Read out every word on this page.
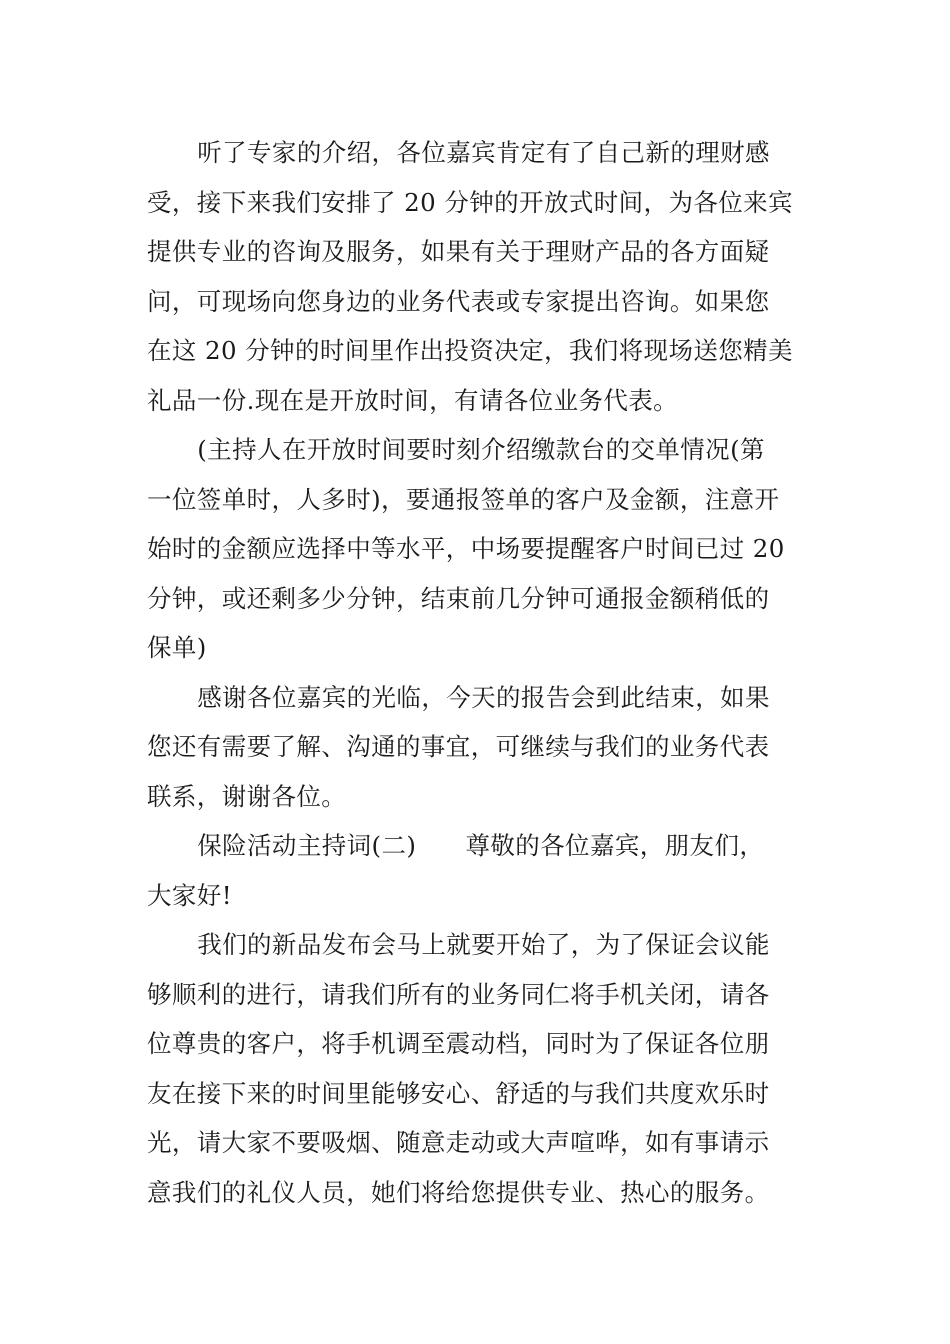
听了专家的介绍，各位嘉宾肯定有了自己新的理财感
受，接下来我们安排了 20 分钟的开放式时间，为各位来宾
提供专业的咨询及服务，如果有关于理财产品的各方面疑
问，可现场向您身边的业务代表或专家提出咨询。如果您
在这 20 分钟的时间里作出投资决定，我们将现场送您精美
礼品一份.现在是开放时间，有请各位业务代表。
(主持人在开放时间要时刻介绍缴款台的交单情况(第
一位签单时，人多时)，要通报签单的客户及金额，注意开
始时的金额应选择中等水平，中场要提醒客户时间已过 20
分钟，或还剩多少分钟，结束前几分钟可通报金额稍低的
保单)
感谢各位嘉宾的光临，今天的报告会到此结束，如果
您还有需要了解、沟通的事宜，可继续与我们的业务代表
联系，谢谢各位。
保险活动主持词(二)      尊敬的各位嘉宾，朋友们，
大家好!
我们的新品发布会马上就要开始了，为了保证会议能
够顺利的进行，请我们所有的业务同仁将手机关闭，请各
位尊贵的客户，将手机调至震动档，同时为了保证各位朋
友在接下来的时间里能够安心、舒适的与我们共度欢乐时
光，请大家不要吸烟、随意走动或大声喧哗，如有事请示
意我们的礼仪人员，她们将给您提供专业、热心的服务。
